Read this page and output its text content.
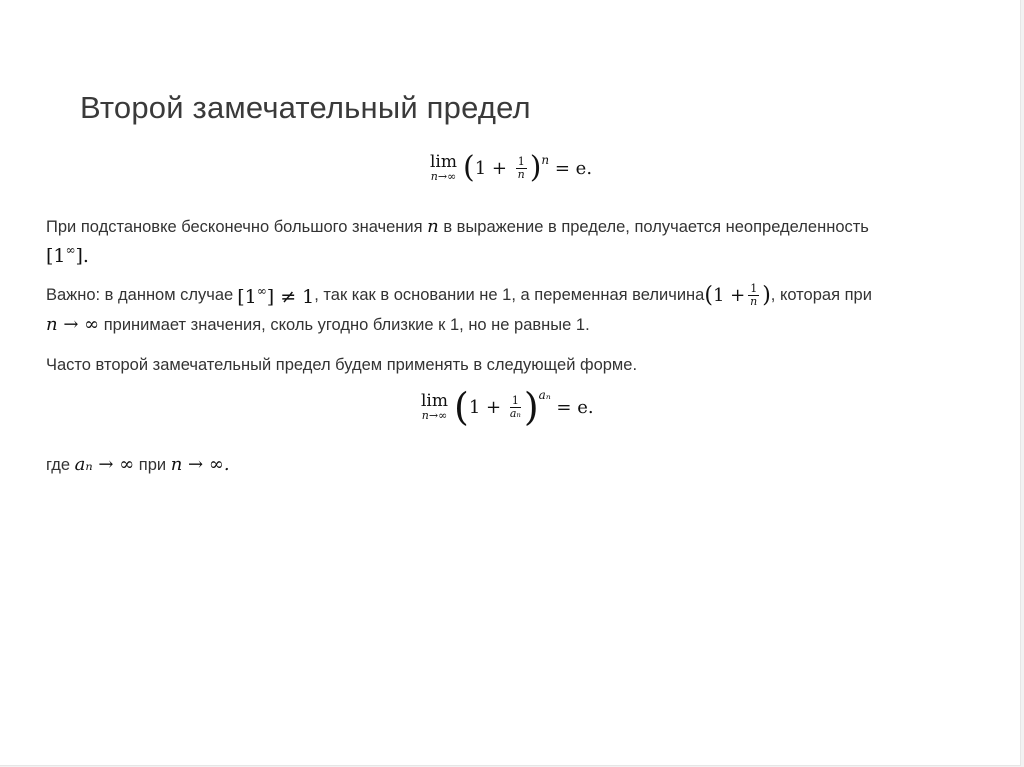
Второй замечательный предел
lim
n→∞ ( $1 + \frac{1}{n}$ ) n = e.
При подстановке бесконечно большого значения n в выражение в пределе, получается неопределенность
[1∞].
Важно: в данном случае [1∞] ≠ 1 , так как в основании не 1, а переменная величина ( $1 + \frac{1}{n}$ ) , которая при
n → ∞ принимает значения, сколь угодно близкие к 1, но не равные 1.
Часто второй замечательный предел будем применять в следующей форме.
lim
n→∞ ( $1 + \frac{1}{\text{aₙ}}$ ) aₙ
= e.
где aₙ → ∞ при n → ∞.
